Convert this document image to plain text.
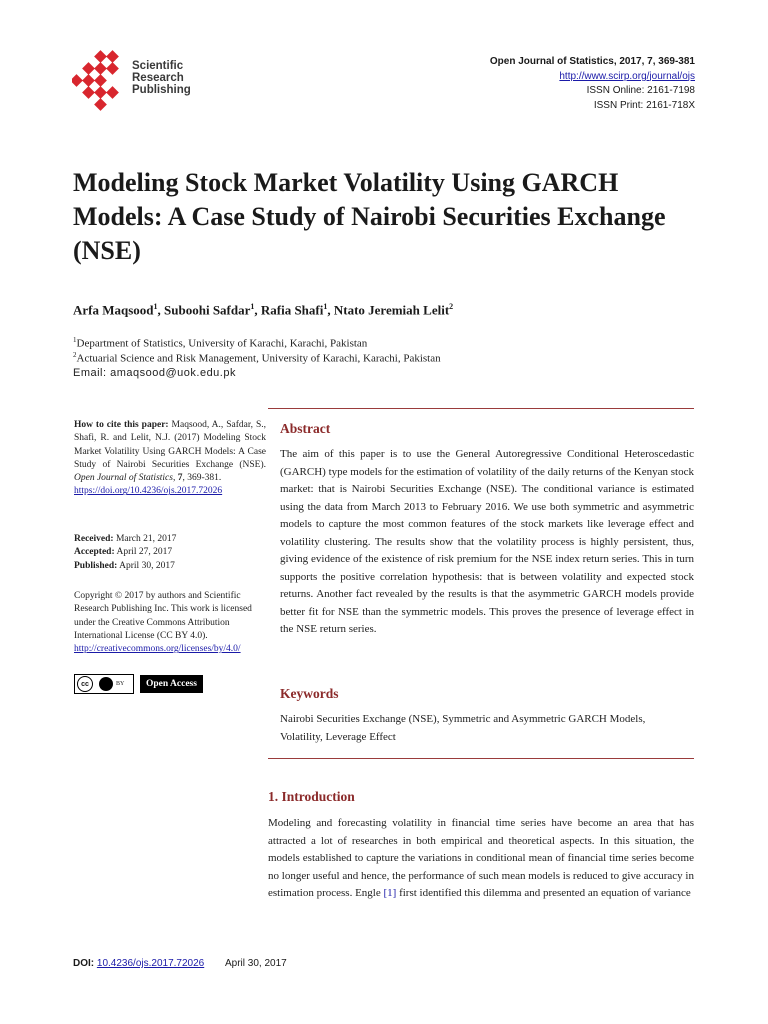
Scientific
Research
Publishing
Open Journal of Statistics, 2017, 7, 369-381
http://www.scirp.org/journal/ojs
ISSN Online: 2161-7198
ISSN Print: 2161-718X
Modeling Stock Market Volatility Using GARCH Models: A Case Study of Nairobi Securities Exchange (NSE)
Arfa Maqsood$^1$, Suboohi Safdar$^1$, Rafia Shafi$^1$, Ntato Jeremiah Lelit$^2$
$^1$Department of Statistics, University of Karachi, Karachi, Pakistan
$^2$Actuarial Science and Risk Management, University of Karachi, Karachi, Pakistan
Email: amaqsood@uok.edu.pk
How to cite this paper: Maqsood, A., Safdar, S., Shafi, R. and Lelit, N.J. (2017) Modeling Stock Market Volatility Using GARCH Models: A Case Study of Nairobi Securities Exchange (NSE). Open Journal of Statistics, 7, 369-381.
https://doi.org/10.4236/ojs.2017.72026
Received: March 21, 2017
Accepted: April 27, 2017
Published: April 30, 2017
Copyright © 2017 by authors and Scientific Research Publishing Inc. This work is licensed under the Creative Commons Attribution International License (CC BY 4.0).
http://creativecommons.org/licenses/by/4.0/
cc	BY	Open Access
Abstract
The aim of this paper is to use the General Autoregressive Conditional Heteroscedastic (GARCH) type models for the estimation of volatility of the daily returns of the Kenyan stock market: that is Nairobi Securities Exchange (NSE). The conditional variance is estimated using the data from March 2013 to February 2016. We use both symmetric and asymmetric models to capture the most common features of the stock markets like leverage effect and volatility clustering. The results show that the volatility process is highly persistent, thus, giving evidence of the existence of risk premium for the NSE index return series. This in turn supports the positive correlation hypothesis: that is between volatility and expected stock returns. Another fact revealed by the results is that the asymmetric GARCH models provide better fit for NSE than the symmetric models. This proves the presence of leverage effect in the NSE return series.
Keywords
Nairobi Securities Exchange (NSE), Symmetric and Asymmetric GARCH Models, Volatility, Leverage Effect
1. Introduction
Modeling and forecasting volatility in financial time series have become an area that has attracted a lot of researches in both empirical and theoretical aspects. In this situation, the models established to capture the variations in conditional mean of financial time series become no longer useful and hence, the performance of such mean models is reduced to give accuracy in estimation process. Engle [1] first identified this dilemma and presented an equation of variance
DOI: 10.4236/ojs.2017.72026 April 30, 2017
